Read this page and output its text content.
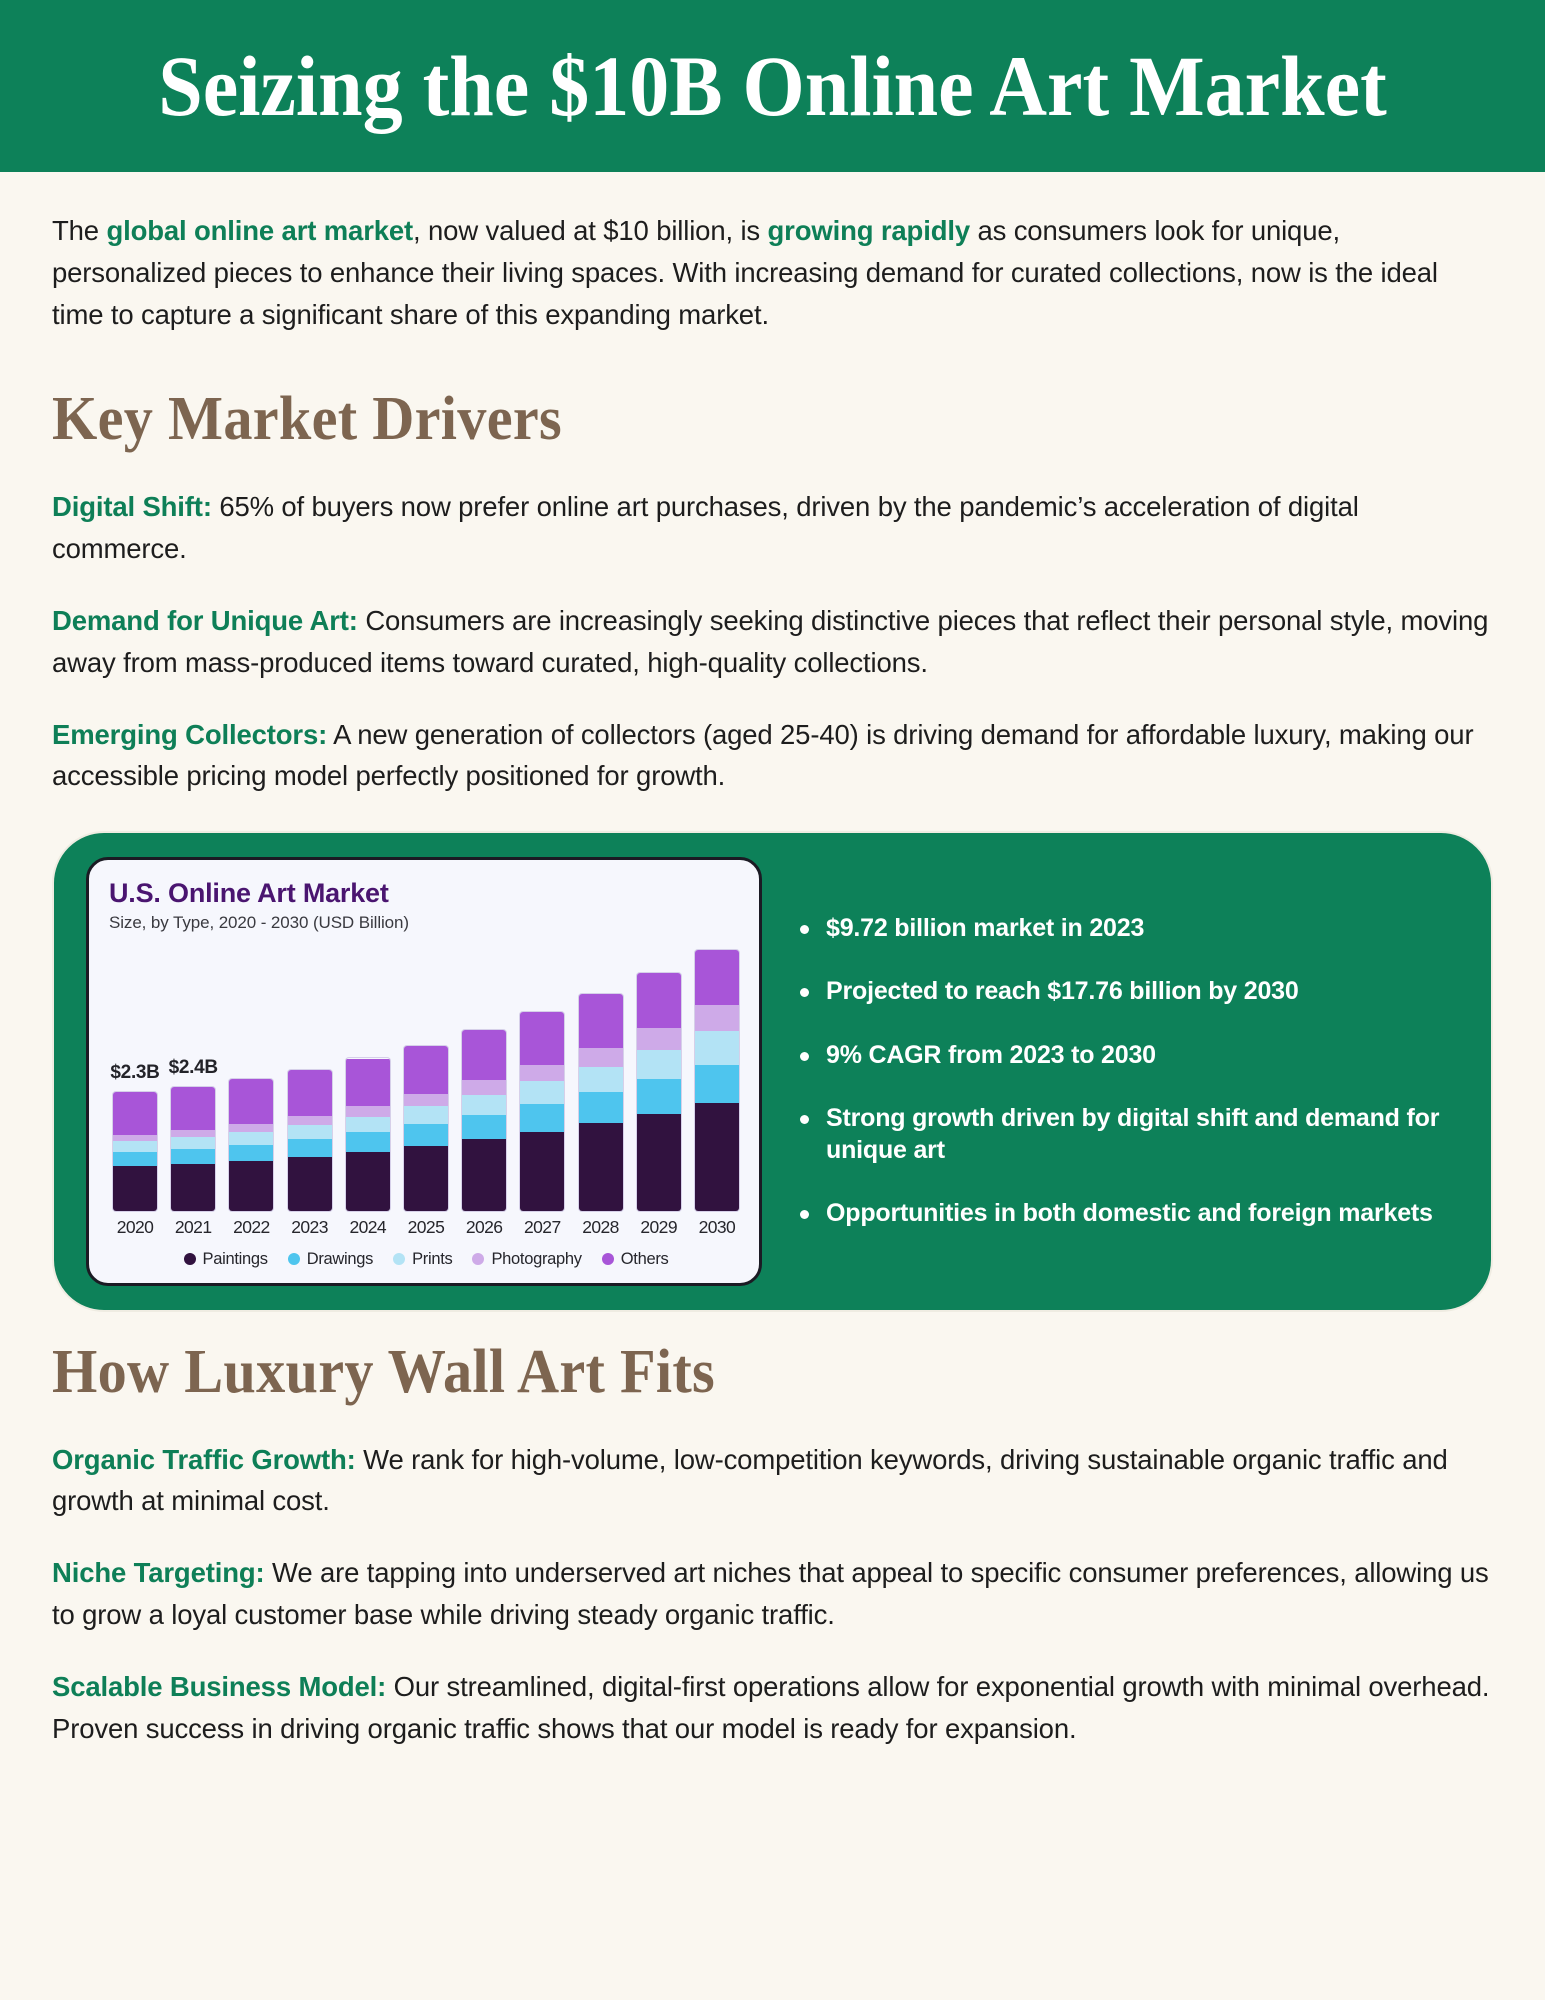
Seizing the $10B Online Art Market

The global online art market, now valued at $10 billion, is growing rapidly as consumers look for unique, personalized pieces to enhance their living spaces. With increasing demand for curated collections, now is the ideal time to capture a significant share of this expanding market.

Key Market Drivers

Digital Shift: 65% of buyers now prefer online art purchases, driven by the pandemic’s acceleration of digital commerce.

Demand for Unique Art: Consumers are increasingly seeking distinctive pieces that reflect their personal style, moving away from mass-produced items toward curated, high-quality collections.

Emerging Collectors: A new generation of collectors (aged 25-40) is driving demand for affordable luxury, making our accessible pricing model perfectly positioned for growth.

U.S. Online Art Market
Size, by Type, 2020 - 2030 (USD Billion)
$2.3B $2.4B
2020	2021	2022	2023	2024	2025	2026	2027	2028	2029	2030
Paintings Drawings Prints Photography Others
$9.72 billion market in 2023
Projected to reach $17.76 billion by 2030
9% CAGR from 2023 to 2030
Strong growth driven by digital shift and demand for unique art
Opportunities in both domestic and foreign markets
How Luxury Wall Art Fits

Organic Traffic Growth: We rank for high-volume, low-competition keywords, driving sustainable organic traffic and growth at minimal cost.

Niche Targeting: We are tapping into underserved art niches that appeal to specific consumer preferences, allowing us to grow a loyal customer base while driving steady organic traffic.

Scalable Business Model: Our streamlined, digital-first operations allow for exponential growth with minimal overhead. Proven success in driving organic traffic shows that our model is ready for expansion.
